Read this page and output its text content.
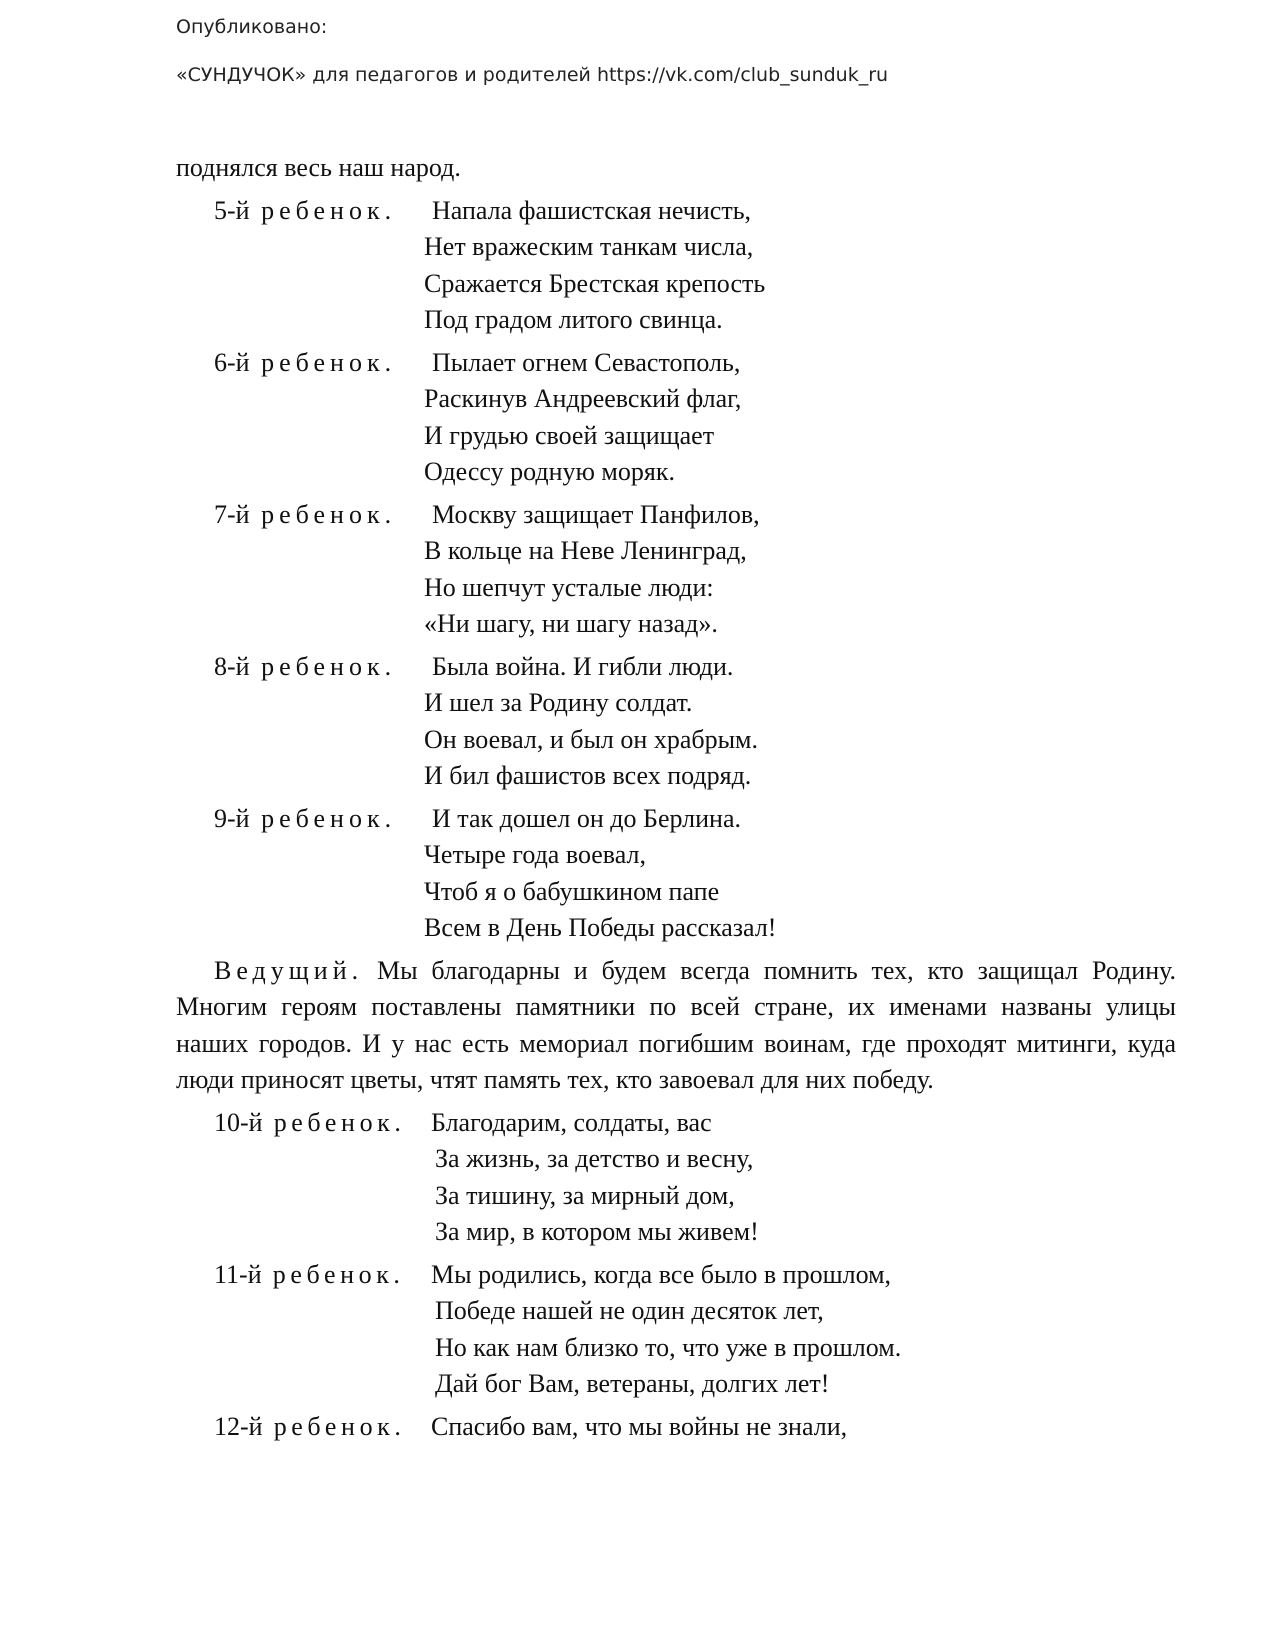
Опубликовано:
«СУНДУЧОК» для педагогов и родителей https://vk.com/club_sunduk_ru
поднялся весь наш народ.
5-й ребенок.	Напала фашистская нечисть,
Нет вражеским танкам числа,
Сражается Брестская крепость
Под градом литого свинца.
6-й ребенок.	Пылает огнем Севастополь,
Раскинув Андреевский флаг,
И грудью своей защищает
Одессу родную моряк.
7-й ребенок.	Москву защищает Панфилов,
В кольце на Неве Ленинград,
Но шепчут усталые люди:
«Ни шагу, ни шагу назад».
8-й ребенок.	Была война. И гибли люди.
И шел за Родину солдат.
Он воевал, и был он храбрым.
И бил фашистов всех подряд.
9-й ребенок.	И так дошел он до Берлина.
Четыре года воевал,
Чтоб я о бабушкином папе
Всем в День Победы рассказал!
Ведущий. Мы благодарны и будем всегда помнить тех, кто защищал Родину. Многим героям поставлены памятники по всей стране, их именами названы улицы наших городов. И у нас есть мемориал погибшим воинам, где проходят митинги, куда люди приносят цветы, чтят память тех, кто завоевал для них победу.
10-й ребенок. Благодарим, солдаты, вас
За жизнь, за детство и весну,
За тишину, за мирный дом,
За мир, в котором мы живем!
11-й ребенок.	Мы родились, когда все было в прошлом,
Победе нашей не один десяток лет,
Но как нам близко то, что уже в прошлом.
Дай бог Вам, ветераны, долгих лет!
12-й ребенок. Спасибо вам, что мы войны не знали,
